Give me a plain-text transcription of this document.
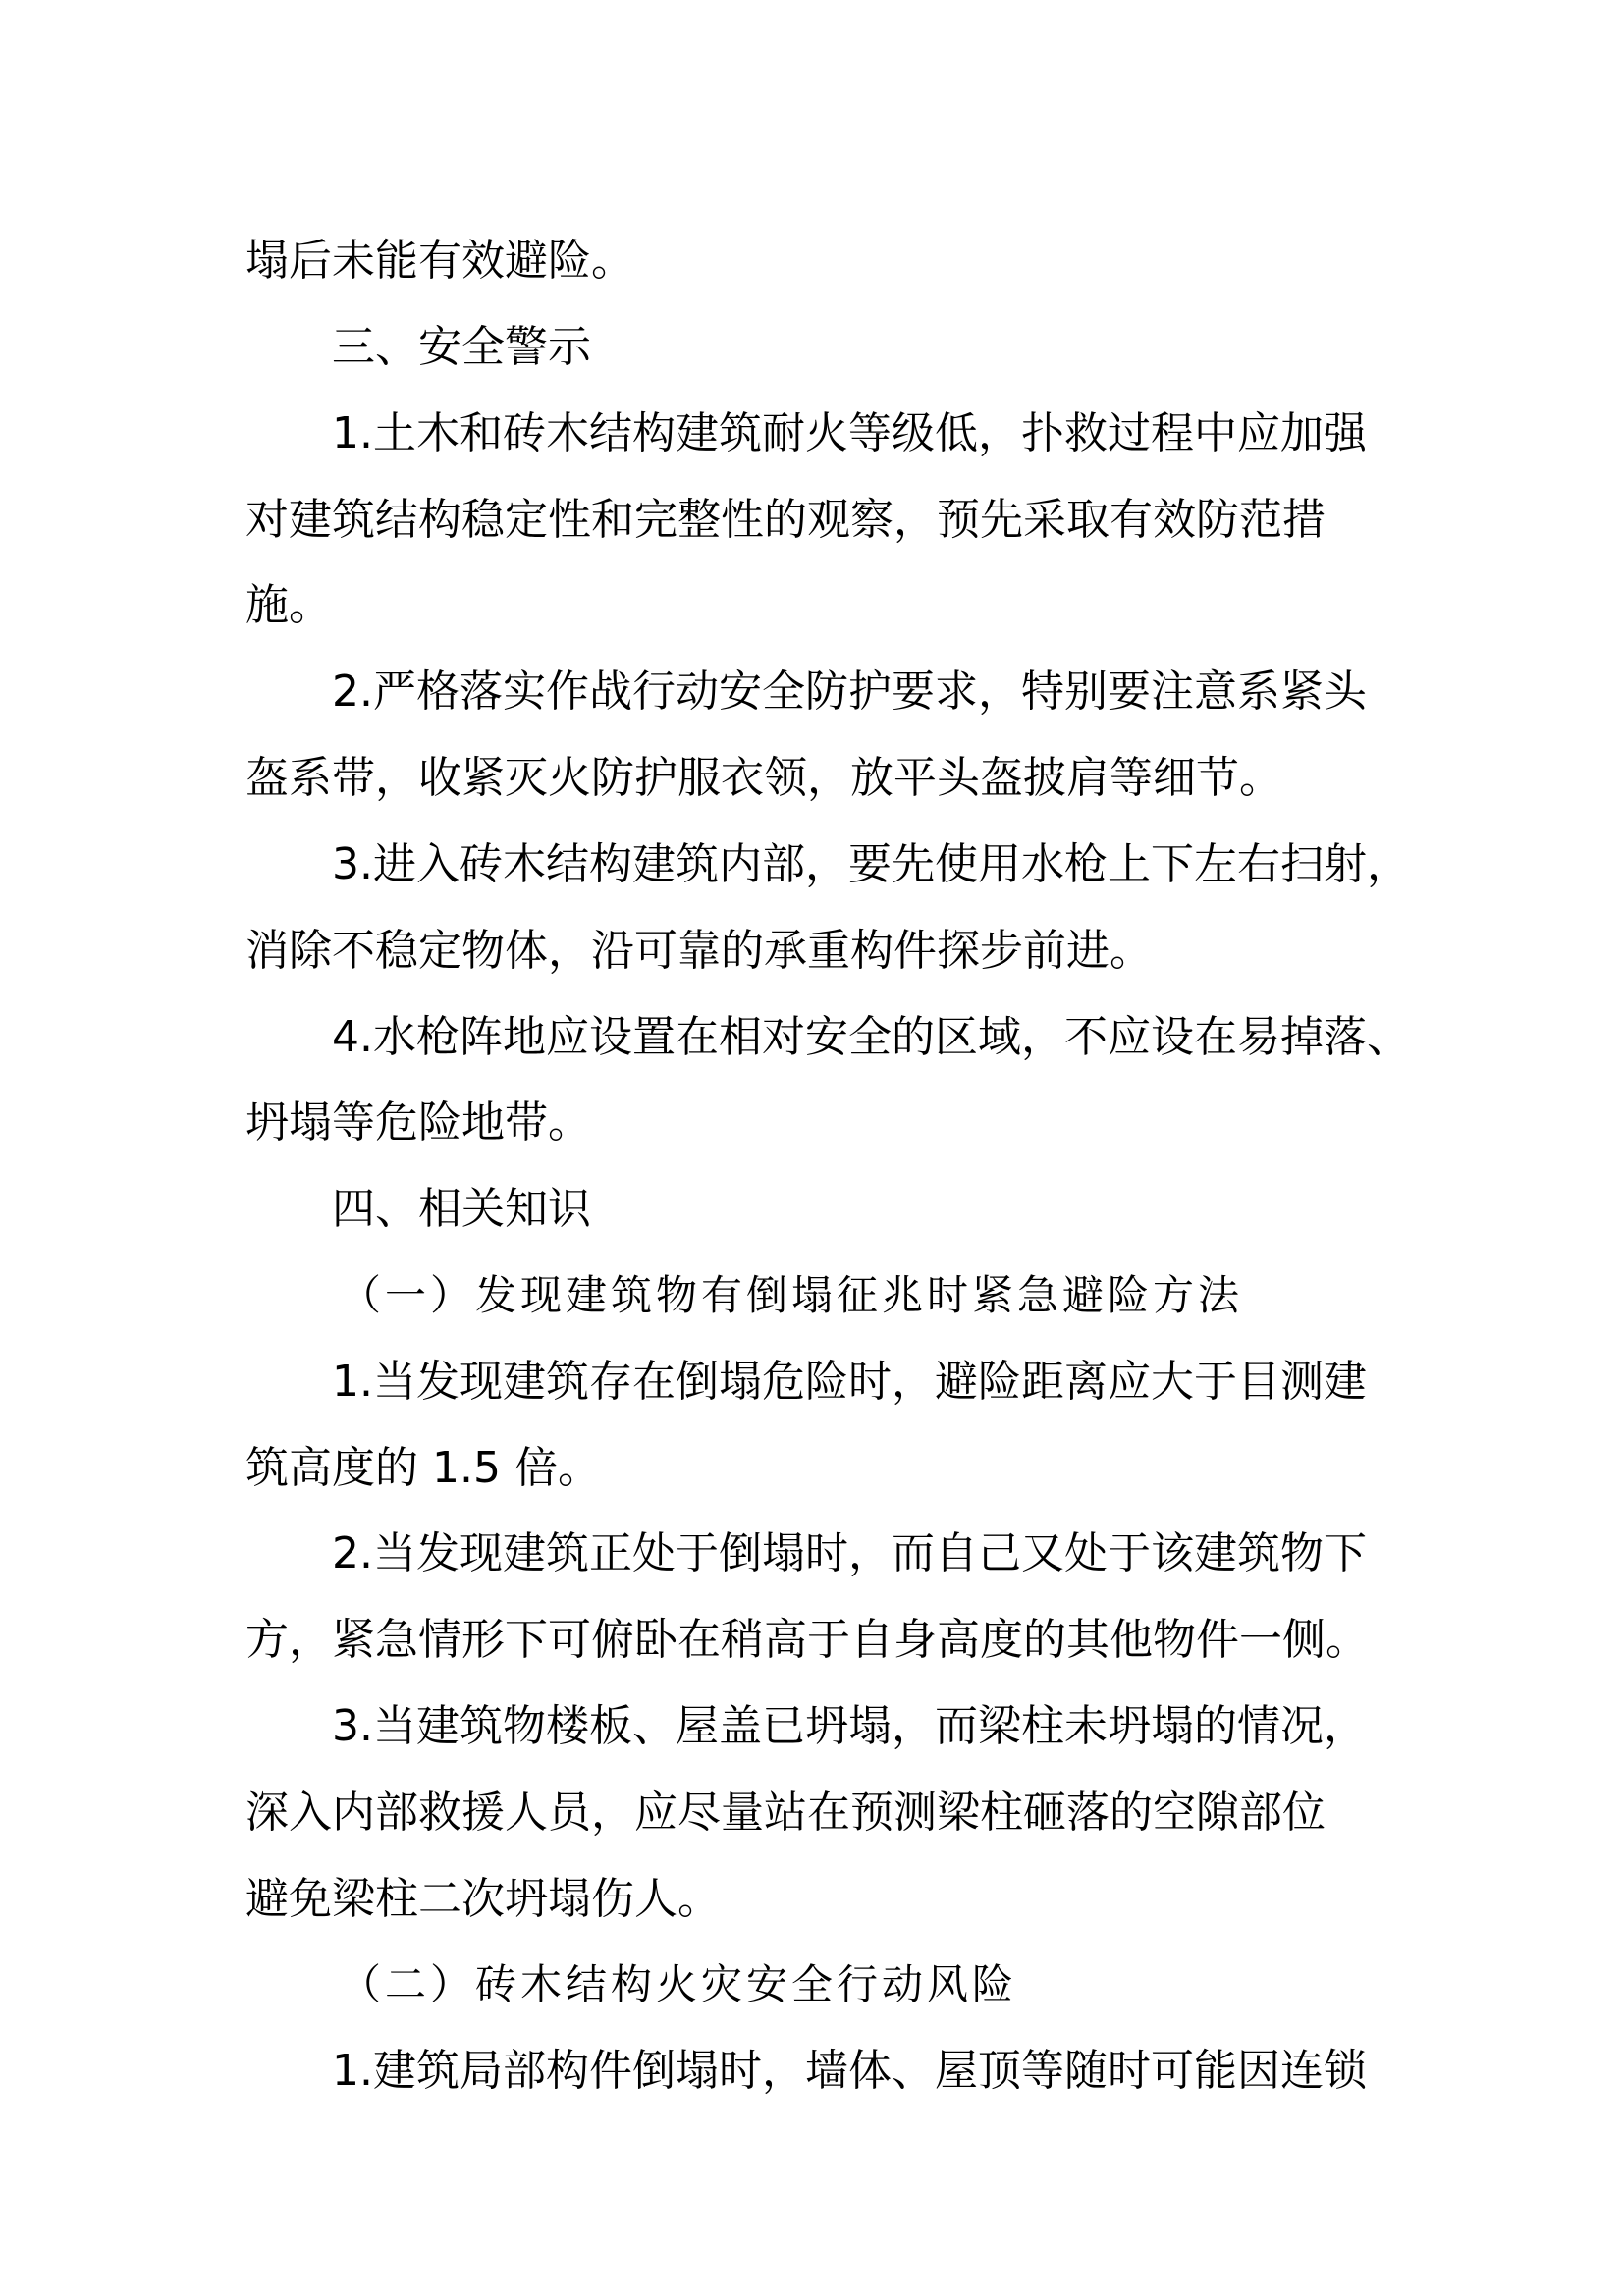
塌后未能有效避险。
三、安全警示
1.土木和砖木结构建筑耐火等级低，扑救过程中应加强
对建筑结构稳定性和完整性的观察，预先采取有效防范措
施。
2.严格落实作战行动安全防护要求，特别要注意系紧头
盔系带，收紧灭火防护服衣领，放平头盔披肩等细节。
3.进入砖木结构建筑内部，要先使用水枪上下左右扫射，
消除不稳定物体，沿可靠的承重构件探步前进。
4.水枪阵地应设置在相对安全的区域，不应设在易掉落、
坍塌等危险地带。
四、相关知识
（一）发现建筑物有倒塌征兆时紧急避险方法
1.当发现建筑存在倒塌危险时，避险距离应大于目测建
筑高度的 1.5 倍。
2.当发现建筑正处于倒塌时，而自己又处于该建筑物下
方，紧急情形下可俯卧在稍高于自身高度的其他物件一侧。
3.当建筑物楼板、屋盖已坍塌，而梁柱未坍塌的情况，
深入内部救援人员，应尽量站在预测梁柱砸落的空隙部位
避免梁柱二次坍塌伤人。
（二）砖木结构火灾安全行动风险
1.建筑局部构件倒塌时，墙体、屋顶等随时可能因连锁
